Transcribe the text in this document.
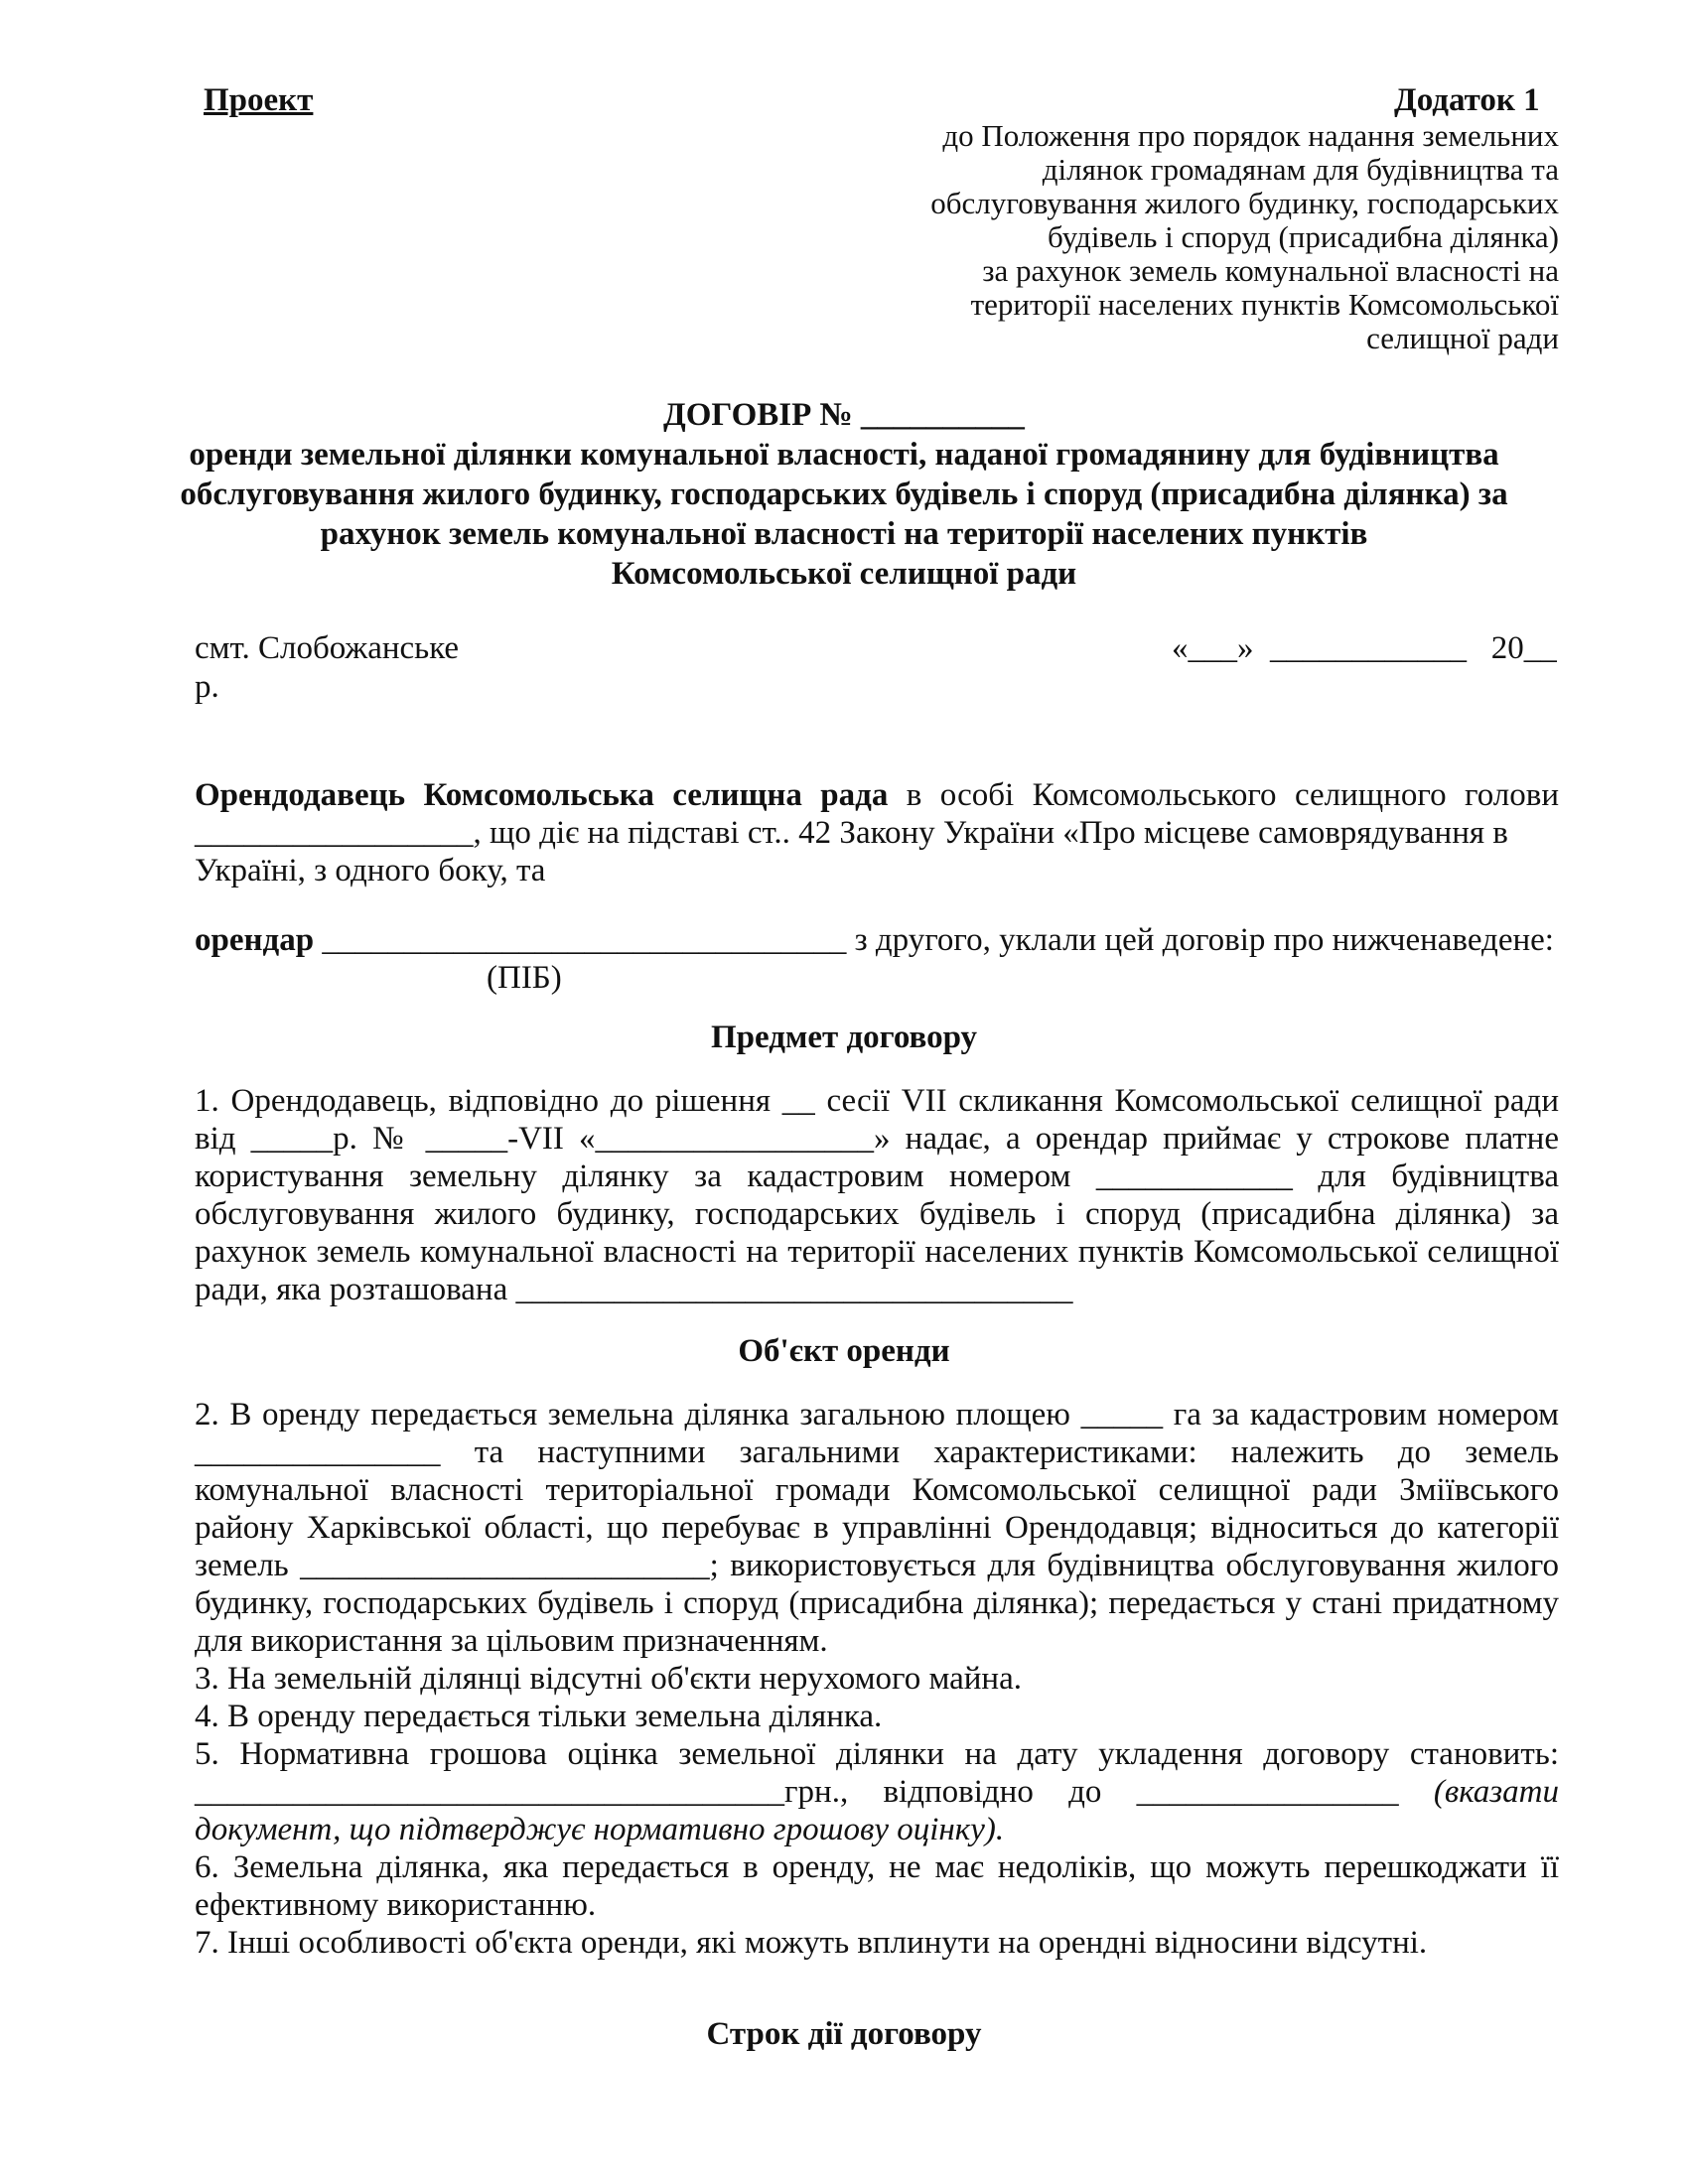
Проект	Додаток 1

до Положення про порядок надання земельних
ділянок громадянам для будівництва та
обслуговування жилого будинку, господарських
будівель і споруд (присадибна ділянка)
за рахунок земель комунальної власності на
території населених пунктів Комсомольської
селищної ради
ДОГОВІР № __________
оренди земельної ділянки комунальної власності, наданої громадянину для будівництва
обслуговування жилого будинку, господарських будівель і споруд (присадибна ділянка) за
рахунок земель комунальної власності на території населених пунктів
Комсомольської селищної ради

смт. Слобожанське	«___»  ____________   20__

р.

Орендодавець Комсомольська селищна рада в особі Комсомольського селищного голови
_________________, що діє на підставі ст.. 42 Закону України «Про місцеве самоврядування в
Україні, з одного боку, та
орендар ________________________________ з другого, уклали цей договір про нижченаведене:

(ПІБ)

Предмет договору

1. Орендодавець, відповідно до рішення __ сесії VII скликання Комсомольської селищної ради
від _____р. № _____-VII «_________________» надає, а орендар приймає у строкове платне
користування земельну ділянку за кадастровим номером ____________ для будівництва
обслуговування жилого будинку, господарських будівель і споруд (присадибна ділянка) за
рахунок земель комунальної власності на території населених пунктів Комсомольської селищної
ради, яка розташована __________________________________

Об'єкт оренди

2. В оренду передається земельна ділянка загальною площею _____ га за кадастровим номером
_______________ та наступними загальними характеристиками: належить до земель
комунальної власності територіальної громади Комсомольської селищної ради Зміївського
району Харківської області, що перебуває в управлінні Орендодавця; відноситься до категорії
земель _________________________; використовується для будівництва обслуговування жилого
будинку, господарських будівель і споруд (присадибна ділянка); передається у стані придатному
для використання за цільовим призначенням.
3. На земельній ділянці відсутні об'єкти нерухомого майна.
4. В оренду передається тільки земельна ділянка.
5. Нормативна грошова оцінка земельної ділянки на дату укладення договору становить:
____________________________________грн., відповідно до ________________ (вказати
документ, що підтверджує нормативно грошову оцінку).
6. Земельна ділянка, яка передається в оренду, не має недоліків, що можуть перешкоджати її
ефективному використанню.
7. Інші особливості об'єкта оренди, які можуть вплинути на орендні відносини відсутні.

Строк дії договору
